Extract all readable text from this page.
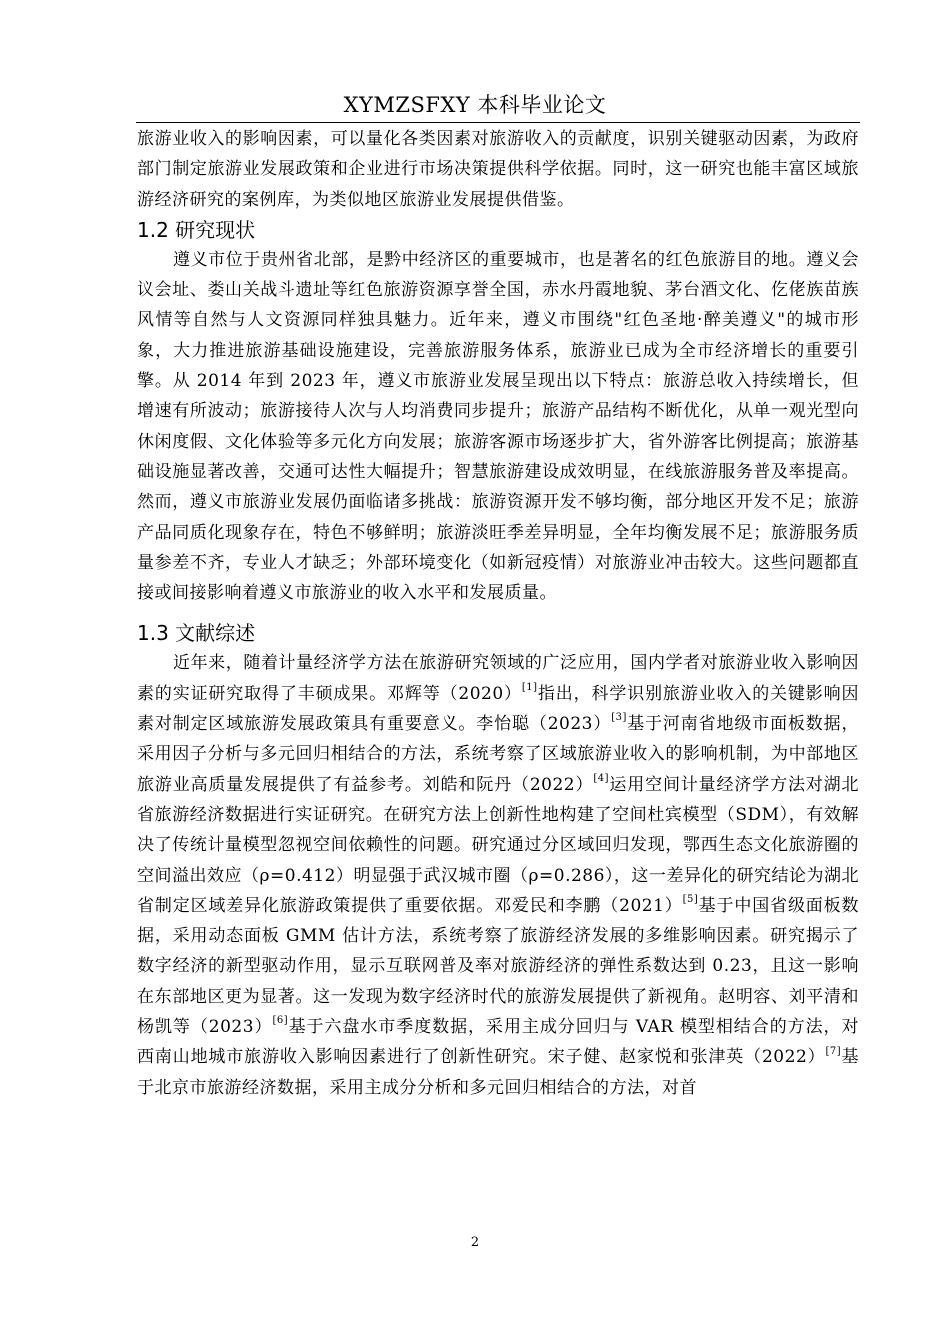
XYMZSFXY 本科毕业论文

旅游业收入的影响因素，可以量化各类因素对旅游收入的贡献度，识别关键驱动因素，为政府部门制定旅游业发展政策和企业进行市场决策提供科学依据。同时，这一研究也能丰富区域旅游经济研究的案例库，为类似地区旅游业发展提供借鉴。

1.2 研究现状

遵义市位于贵州省北部，是黔中经济区的重要城市，也是著名的红色旅游目的地。遵义会议会址、娄山关战斗遗址等红色旅游资源享誉全国，赤水丹霞地貌、茅台酒文化、仡佬族苗族风情等自然与人文资源同样独具魅力。近年来，遵义市围绕"红色圣地·醉美遵义"的城市形象，大力推进旅游基础设施建设，完善旅游服务体系，旅游业已成为全市经济增长的重要引擎。从 2014 年到 2023 年，遵义市旅游业发展呈现出以下特点：旅游总收入持续增长，但增速有所波动；旅游接待人次与人均消费同步提升；旅游产品结构不断优化，从单一观光型向休闲度假、文化体验等多元化方向发展；旅游客源市场逐步扩大，省外游客比例提高；旅游基础设施显著改善，交通可达性大幅提升；智慧旅游建设成效明显，在线旅游服务普及率提高。然而，遵义市旅游业发展仍面临诸多挑战：旅游资源开发不够均衡，部分地区开发不足；旅游产品同质化现象存在，特色不够鲜明；旅游淡旺季差异明显，全年均衡发展不足；旅游服务质量参差不齐，专业人才缺乏；外部环境变化（如新冠疫情）对旅游业冲击较大。这些问题都直接或间接影响着遵义市旅游业的收入水平和发展质量。

1.3 文献综述

近年来，随着计量经济学方法在旅游研究领域的广泛应用，国内学者对旅游业收入影响因素的实证研究取得了丰硕成果。邓辉等（2020）[1]指出，科学识别旅游业收入的关键影响因素对制定区域旅游发展政策具有重要意义。李怡聪（2023）[3]基于河南省地级市面板数据，采用因子分析与多元回归相结合的方法，系统考察了区域旅游业收入的影响机制，为中部地区旅游业高质量发展提供了有益参考。刘皓和阮丹（2022）[4]运用空间计量经济学方法对湖北省旅游经济数据进行实证研究。在研究方法上创新性地构建了空间杜宾模型（SDM），有效解决了传统计量模型忽视空间依赖性的问题。研究通过分区域回归发现，鄂西生态文化旅游圈的空间溢出效应（ρ=0.412）明显强于武汉城市圈（ρ=0.286），这一差异化的研究结论为湖北省制定区域差异化旅游政策提供了重要依据。邓爱民和李鹏（2021）[5]基于中国省级面板数据，采用动态面板 GMM 估计方法，系统考察了旅游经济发展的多维影响因素。研究揭示了数字经济的新型驱动作用，显示互联网普及率对旅游经济的弹性系数达到 0.23，且这一影响在东部地区更为显著。这一发现为数字经济时代的旅游发展提供了新视角。赵明容、刘平清和杨凯等（2023）[6]基于六盘水市季度数据，采用主成分回归与 VAR 模型相结合的方法，对西南山地城市旅游收入影响因素进行了创新性研究。宋子健、赵家悦和张津英（2022）[7]基于北京市旅游经济数据，采用主成分分析和多元回归相结合的方法，对首

2
